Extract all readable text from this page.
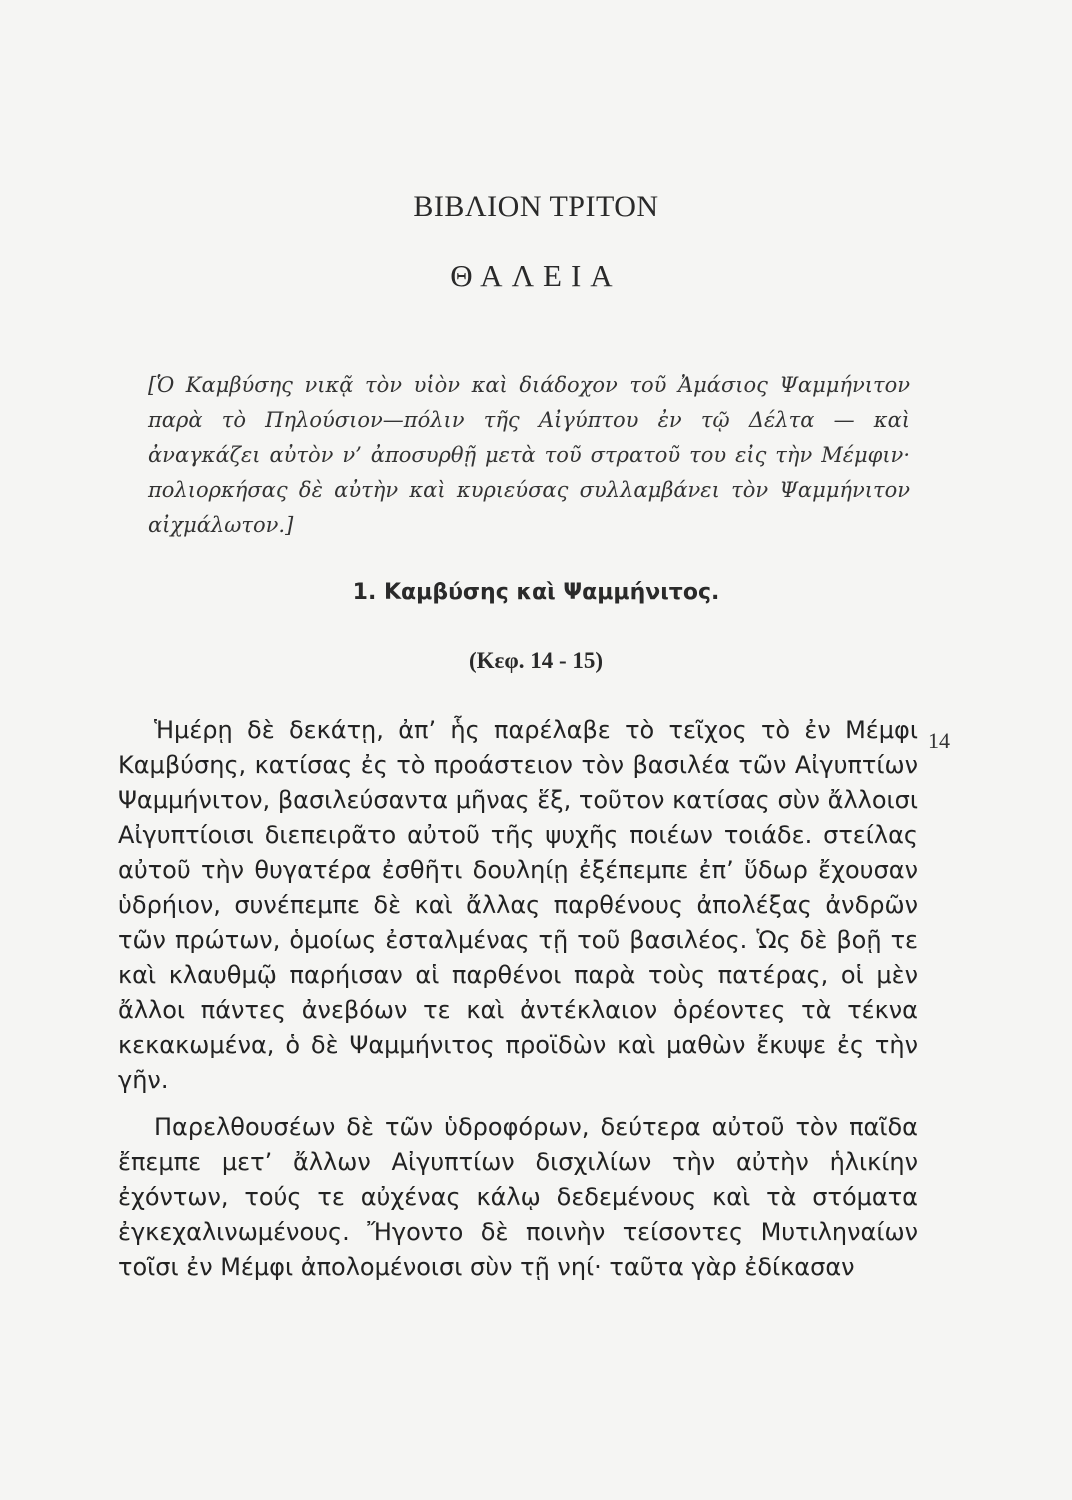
ΒΙΒΛΙΟΝ ΤΡΙΤΟΝ
ΘΑΛΕΙΑ
[Ὁ Καμβύσης νικᾷ τὸν υἱὸν καὶ διάδοχον τοῦ Ἀμάσιος Ψαμμήνιτον παρὰ τὸ Πηλούσιον—πόλιν τῆς Αἰγύπτου ἐν τῷ Δέλτα — καὶ ἀναγκάζει αὐτὸν ν’ ἀποσυρθῇ μετὰ τοῦ στρατοῦ του εἰς τὴν Μέμφιν· πολιορκήσας δὲ αὐτὴν καὶ κυριεύσας συλλαμβάνει τὸν Ψαμμήνιτον αἰχμάλωτον.]
1. Καμβύσης καὶ Ψαμμήνιτος.
(Κεφ. 14 - 15)
14

Ἡμέρῃ δὲ δεκάτῃ, ἀπ’ ἧς παρέλαβε τὸ τεῖχος τὸ ἐν Μέμφι Καμβύσης, κατίσας ἐς τὸ προάστειον τὸν βασιλέα τῶν Αἰγυπτίων Ψαμμήνιτον, βασιλεύσαντα μῆνας ἕξ, τοῦτον κατίσας σὺν ἄλλοισι Αἰγυπτίοισι διεπειρᾶτο αὐτοῦ τῆς ψυχῆς ποιέων τοιάδε. στείλας αὐτοῦ τὴν θυγατέρα ἐσθῆτι δουληίῃ ἐξέπεμπε ἐπ’ ὕδωρ ἔχουσαν ὑδρήιον, συνέπεμπε δὲ καὶ ἄλλας παρθένους ἀπολέξας ἀνδρῶν τῶν πρώτων, ὁμοίως ἐσταλμένας τῇ τοῦ βασιλέος. Ὡς δὲ βοῇ τε καὶ κλαυθμῷ παρήισαν αἱ παρθένοι παρὰ τοὺς πατέρας, οἱ μὲν ἄλλοι πάντες ἀνεβόων τε καὶ ἀντέκλαιον ὁρέοντες τὰ τέκνα κεκακωμένα, ὁ δὲ Ψαμμήνιτος προϊδὼν καὶ μαθὼν ἔκυψε ἐς τὴν γῆν.

Παρελθουσέων δὲ τῶν ὑδροφόρων, δεύτερα αὐτοῦ τὸν παῖδα ἔπεμπε μετ’ ἄλλων Αἰγυπτίων δισχιλίων τὴν αὐτὴν ἡλικίην ἐχόντων, τούς τε αὐχένας κάλῳ δεδεμένους καὶ τὰ στόματα ἐγκεχαλινωμένους. Ἤγοντο δὲ ποινὴν τείσοντες Μυτιληναίων τοῖσι ἐν Μέμφι ἀπολομένοισι σὺν τῇ νηί· ταῦτα γὰρ ἐδίκασαν
